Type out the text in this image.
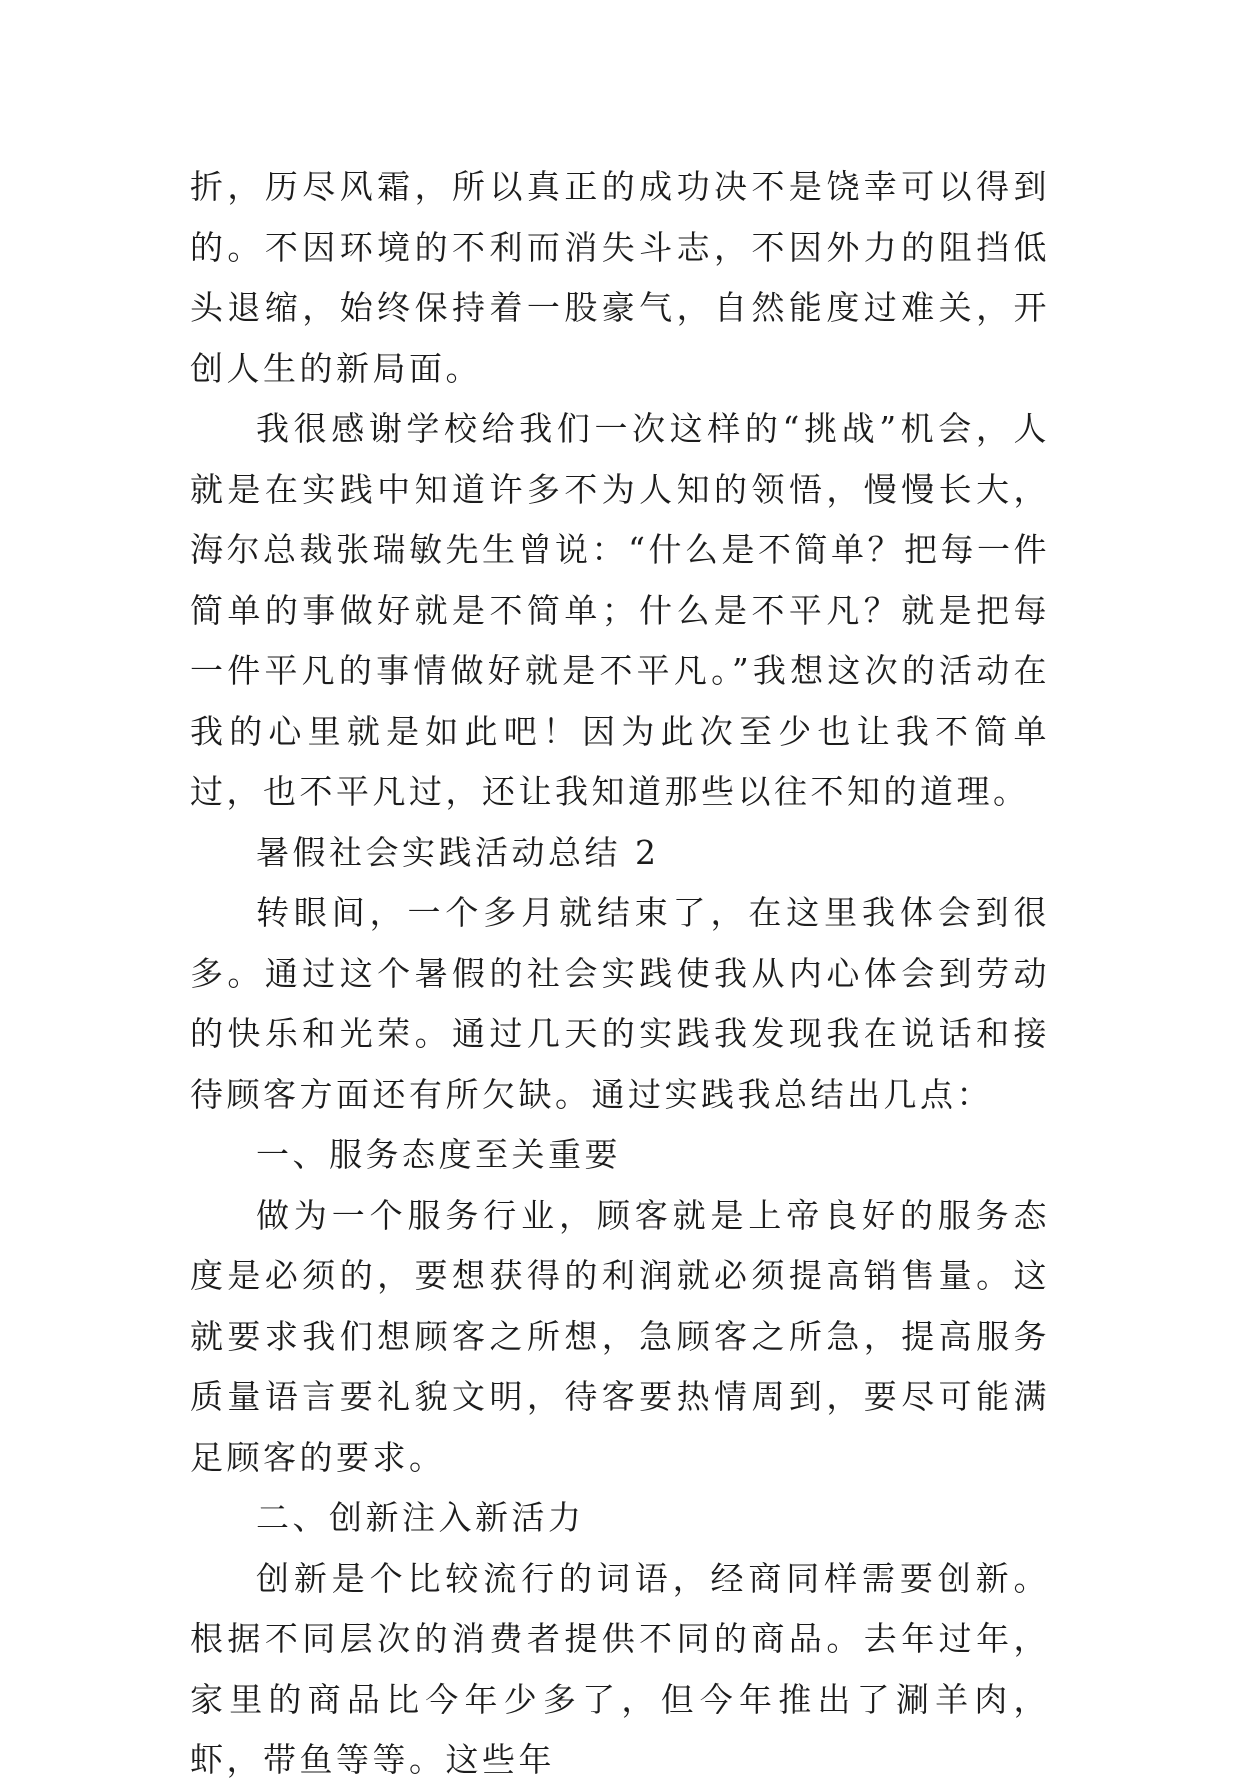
折，历尽风霜，所以真正的成功决不是饶幸可以得到的。不因环境的不利而消失斗志，不因外力的阻挡低头退缩，始终保持着一股豪气，自然能度过难关，开创人生的新局面。

我很感谢学校给我们一次这样的“挑战”机会，人就是在实践中知道许多不为人知的领悟，慢慢长大，海尔总裁张瑞敏先生曾说：“什么是不简单？把每一件简单的事做好就是不简单；什么是不平凡？就是把每一件平凡的事情做好就是不平凡。”我想这次的活动在我的心里就是如此吧！因为此次至少也让我不简单过，也不平凡过，还让我知道那些以往不知的道理。

暑假社会实践活动总结 2

转眼间，一个多月就结束了，在这里我体会到很多。通过这个暑假的社会实践使我从内心体会到劳动的快乐和光荣。通过几天的实践我发现我在说话和接待顾客方面还有所欠缺。通过实践我总结出几点：

一、服务态度至关重要

做为一个服务行业，顾客就是上帝良好的服务态度是必须的，要想获得的利润就必须提高销售量。这就要求我们想顾客之所想，急顾客之所急，提高服务质量语言要礼貌文明，待客要热情周到，要尽可能满足顾客的要求。

二、创新注入新活力

创新是个比较流行的词语，经商同样需要创新。根据不同层次的消费者提供不同的商品。去年过年，家里的商品比今年少多了，但今年推出了涮羊肉，虾，带鱼等等。这些年
